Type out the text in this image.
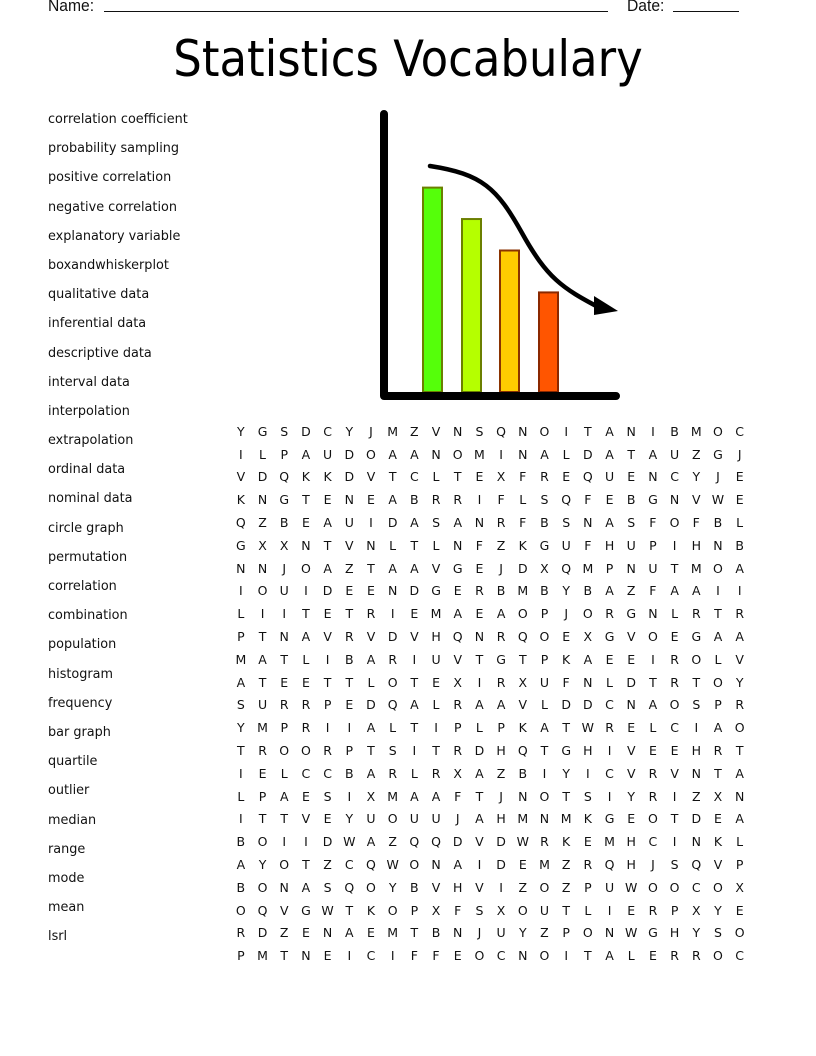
Name:	Date:
Statistics Vocabulary
correlation coefficient
probability sampling
positive correlation
negative correlation
explanatory variable
boxandwhiskerplot
qualitative data
inferential data
descriptive data
interval data
interpolation
extrapolation
ordinal data
nominal data
circle graph
permutation
correlation
combination
population
histogram
frequency
bar graph
quartile
outlier
median
range
mode
mean
lsrl
Y	G	S	D	C	Y	J	M Z	V	N	S	Q N O	I	T	A	N	I	B M O C
I	L	P	A	U D O A	A	N O M	I	N	A	L	D	A	T	A	U	Z	G	J
V	D Q	K	K	D	V	T	C	L	T	E	X	F	R	E	Q U	E	N	C	Y	J	E
K	N G	T	E	N	E	A	B	R	R	I	F	L	S	Q	F	E	B	G N	V W E
Q Z	B	E	A	U	I	D	A	S	A	N	R	F	B	S	N	A	S	F	O	F	B	L
G	X	X	N	T	V	N	L	T	L	N	F	Z	K	G U	F	H U	P	I	H N	B
N N	J	O A	Z	T	A	A	V	G	E	J	D	X Q M	P	N U	T M O A
I	O U	I	D	E	E	N D G	E	R	B M B	Y	B	A	Z	F	A	A	I	I
L	I	I	T	E	T	R	I	E M A	E	A O	P	J	O R	G N	L	R	T	R
P	T	N	A	V	R	V	D	V	H Q N	R Q O	E	X	G	V O	E	G	A	A
M A	T	L	I	B	A	R	I	U	V	T	G	T	P	K	A	E	E	I	R O	L	V
A	T	E	E	T	T	L	O	T	E	X	I	R	X	U	F	N	L	D	T	R	T	O	Y
S	U	R	R	P	E	D Q A	L	R	A	A	V	L	D D	C	N	A O	S	P	R
Y M	P	R	I	I	A	L	T	I	P	L	P	K	A	T W R	E	L	C	I	A O
T	R O O R	P	T	S	I	T	R	D H Q	T	G H	I	V	E	E	H	R	T
I	E	L	C	C	B	A	R	L	R	X	A	Z	B	I	Y	I	C	V	R	V	N	T	A
L	P	A	E	S	I	X M A	A	F	T	J	N O	T	S	I	Y	R	I	Z	X	N
I	T	T	V	E	Y	U O U	U	J	A	H M N M K	G	E	O	T	D	E	A
B O	I	I	D W A	Z Q Q D	V	D W R	K	E M H	C	I	N	K	L
A	Y	O	T	Z	C Q W O N	A	I	D	E M Z	R Q H	J	S	Q V	P
B O N	A	S	Q O	Y	B	V	H	V	I	Z O Z	P	U W O O C O X
O Q V	G W T	K	O	P	X	F	S	X O U	T	L	I	E	R	P	X	Y	E
R	D	Z	E	N	A	E M T	B	N	J	U	Y	Z	P	O N W G H	Y	S	O
P	M T	N	E	I	C	I	F	F	E	O C	N O	I	T	A	L	E	R	R O C
